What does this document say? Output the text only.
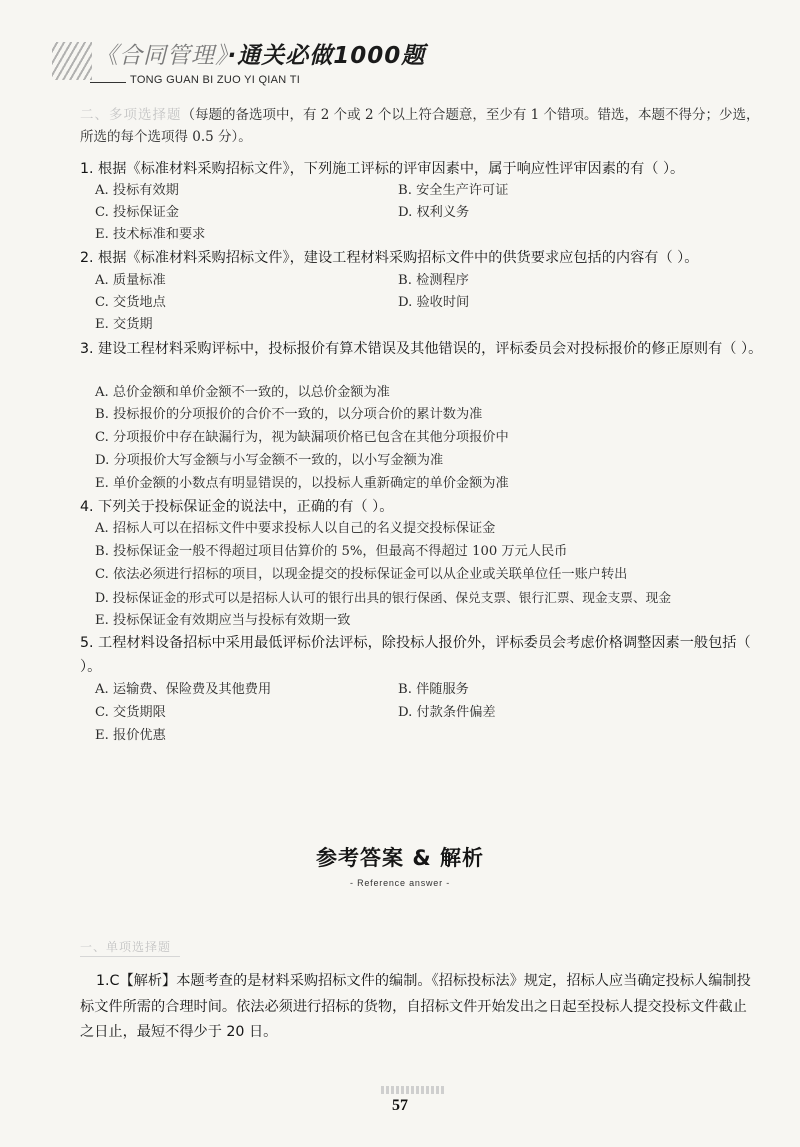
《合同管理》·通关必做1000题
TONG GUAN BI ZUO YI QIAN TI
二、多项选择题（每题的备选项中，有 2 个或 2 个以上符合题意，至少有 1 个错项。错选，本题不得分；少选，所选的每个选项得 0.5 分）。
1. 根据《标准材料采购招标文件》，下列施工评标的评审因素中，属于响应性评审因素的有（ ）。
A. 投标有效期	B. 安全生产许可证
C. 投标保证金	D. 权利义务
E. 技术标准和要求
2. 根据《标准材料采购招标文件》，建设工程材料采购招标文件中的供货要求应包括的内容有（ ）。
A. 质量标准	B. 检测程序
C. 交货地点	D. 验收时间
E. 交货期
3. 建设工程材料采购评标中，投标报价有算术错误及其他错误的，评标委员会对投标报价的修正原则有（ ）。
A. 总价金额和单价金额不一致的，以总价金额为准
B. 投标报价的分项报价的合价不一致的，以分项合价的累计数为准
C. 分项报价中存在缺漏行为，视为缺漏项价格已包含在其他分项报价中
D. 分项报价大写金额与小写金额不一致的，以小写金额为准
E. 单价金额的小数点有明显错误的，以投标人重新确定的单价金额为准
4. 下列关于投标保证金的说法中，正确的有（ ）。
A. 招标人可以在招标文件中要求投标人以自己的名义提交投标保证金
B. 投标保证金一般不得超过项目估算价的 5%，但最高不得超过 100 万元人民币
C. 依法必须进行招标的项目，以现金提交的投标保证金可以从企业或关联单位任一账户转出
D. 投标保证金的形式可以是招标人认可的银行出具的银行保函、保兑支票、银行汇票、现金支票、现金
E. 投标保证金有效期应当与投标有效期一致
5. 工程材料设备招标中采用最低评标价法评标，除投标人报价外，评标委员会考虑价格调整因素一般包括（ ）。
A. 运输费、保险费及其他费用	B. 伴随服务
C. 交货期限	D. 付款条件偏差
E. 报价优惠
参考答案 & 解析
- Reference answer -
一、单项选择题
1.C【解析】本题考查的是材料采购招标文件的编制。《招标投标法》规定，招标人应当确定投标人编制投标文件所需的合理时间。依法必须进行招标的货物，自招标文件开始发出之日起至投标人提交投标文件截止之日止，最短不得少于 20 日。
57
